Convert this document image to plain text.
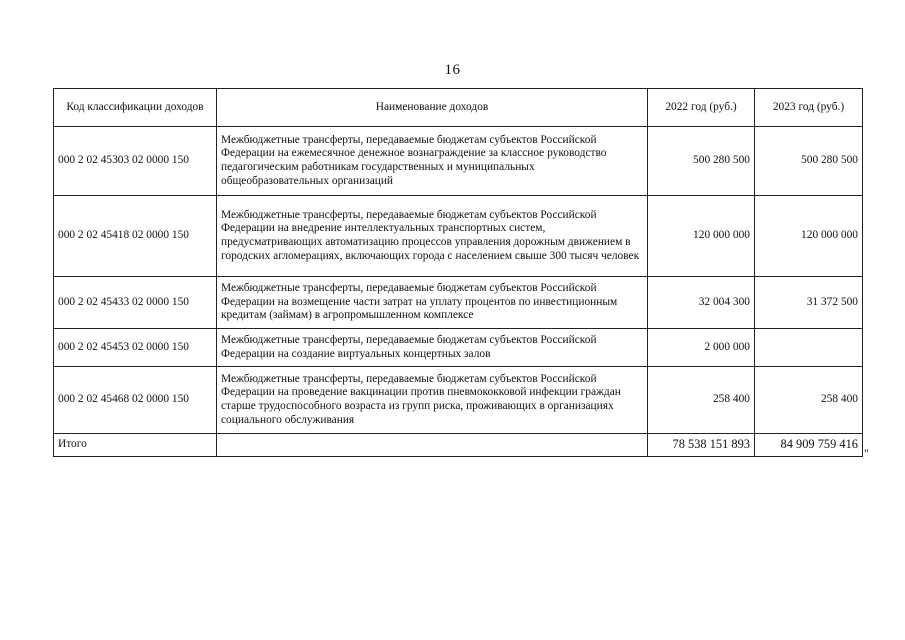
16
Код классификации доходов	Наименование доходов	2022 год (руб.)	2023 год (руб.)
000 2 02 45303 02 0000 150	Межбюджетные трансферты, передаваемые бюджетам субъектов Российской Федерации на ежемесячное денежное вознаграждение за классное руководство педагогическим работникам государственных и муниципальных общеобразовательных организаций	500 280 500	500 280 500
000 2 02 45418 02 0000 150	Межбюджетные трансферты, передаваемые бюджетам субъектов Российской Федерации на внедрение интеллектуальных транспортных систем, предусматривающих автоматизацию процессов управления дорожным движением в городских агломерациях, включающих города с населением свыше 300 тысяч человек	120 000 000	120 000 000
000 2 02 45433 02 0000 150	Межбюджетные трансферты, передаваемые бюджетам субъектов Российской Федерации на возмещение части затрат на уплату процентов по инвестиционным кредитам (займам) в агропромышленном комплексе	32 004 300	31 372 500
000 2 02 45453 02 0000 150	Межбюджетные трансферты, передаваемые бюджетам субъектов Российской Федерации на создание виртуальных концертных залов	2 000 000	
000 2 02 45468 02 0000 150	Межбюджетные трансферты, передаваемые бюджетам субъектов Российской Федерации на проведение вакцинации против пневмококковой инфекции граждан старше трудоспособного возраста из групп риска, проживающих в организациях социального обслуживания	258 400	258 400
Итого		78 538 151 893	84 909 759 416
"
